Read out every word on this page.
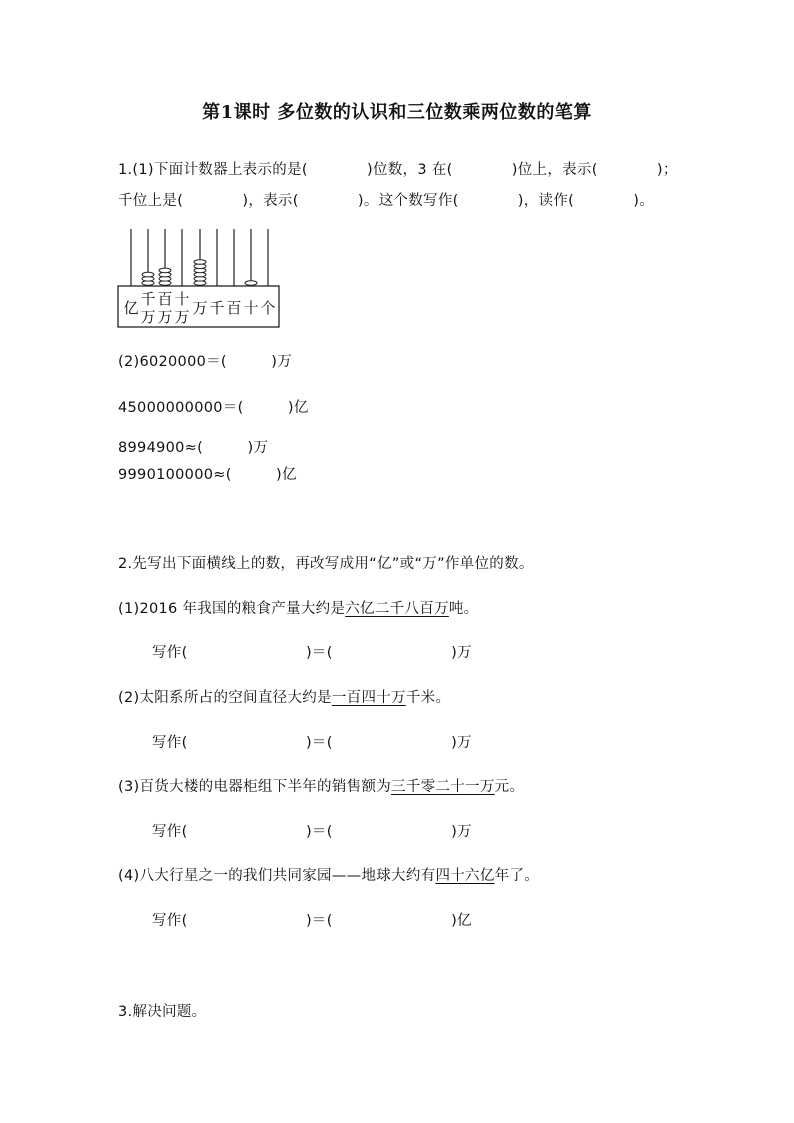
第1课时 多位数的认识和三位数乘两位数的笔算
1.(1)下面计数器上表示的是(　　　　)位数，3 在(　　　　)位上，表示(　　　　)；
千位上是(　　　　)，表示(　　　　)。这个数写作(　　　　)，读作(　　　　)。
亿 千
万
百
万
十
万 万 千 百 十 个
(2)6020000＝(　　　)万
45000000000＝(　　　)亿
8994900≈(　　　)万
9990100000≈(　　　)亿
2.先写出下面横线上的数，再改写成用“亿”或“万”作单位的数。
(1)2016 年我国的粮食产量大约是六亿二千八百万吨。
写作(　　　　　　　　)＝(　　　　　　　　)万
(2)太阳系所占的空间直径大约是一百四十万千米。
写作(　　　　　　　　)＝(　　　　　　　　)万
(3)百货大楼的电器柜组下半年的销售额为三千零二十一万元。
写作(　　　　　　　　)＝(　　　　　　　　)万
(4)八大行星之一的我们共同家园——地球大约有四十六亿年了。
写作(　　　　　　　　)＝(　　　　　　　　)亿
3.解决问题。
